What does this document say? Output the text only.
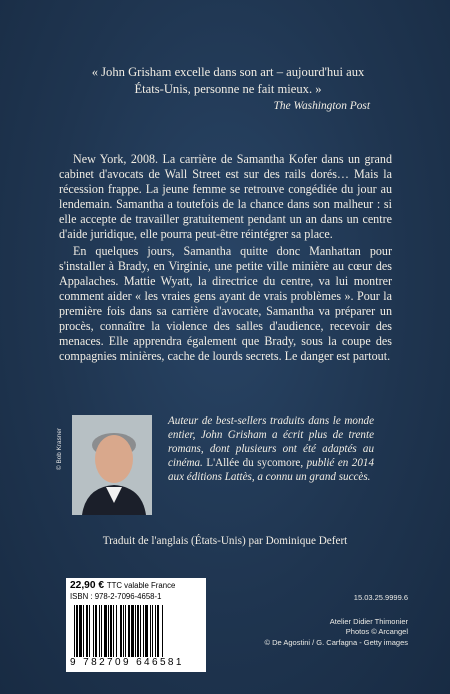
« John Grisham excelle dans son art – aujourd'hui aux États-Unis, personne ne fait mieux. »
The Washington Post

New York, 2008. La carrière de Samantha Kofer dans un grand cabinet d'avocats de Wall Street est sur des rails dorés… Mais la récession frappe. La jeune femme se retrouve congédiée du jour au lendemain. Samantha a toutefois de la chance dans son malheur : si elle accepte de travailler gratuitement pendant un an dans un centre d'aide juridique, elle pourra peut-être réintégrer sa place.

En quelques jours, Samantha quitte donc Manhattan pour s'installer à Brady, en Virginie, une petite ville minière au cœur des Appalaches. Mattie Wyatt, la directrice du centre, va lui montrer comment aider « les vraies gens ayant de vrais problèmes ». Pour la première fois dans sa carrière d'avocate, Samantha va préparer un procès, connaître la violence des salles d'audience, recevoir des menaces. Elle apprendra également que Brady, sous la coupe des compagnies minières, cache de lourds secrets. Le danger est partout.

© Bob Krasner
Auteur de best-sellers traduits dans le monde entier, John Grisham a écrit plus de trente romans, dont plusieurs ont été adaptés au cinéma. L'Allée du sycomore, publié en 2014 aux éditions Lattès, a connu un grand succès.
Traduit de l'anglais (États-Unis) par Dominique Defert
22,90 € TTC valable France
ISBN : 978-2-7096-4658-1
9 782709 646581
15.03.25.9999.6
Atelier Didier Thimonier
Photos © Arcangel
© De Agostini / G. Carfagna - Getty images
